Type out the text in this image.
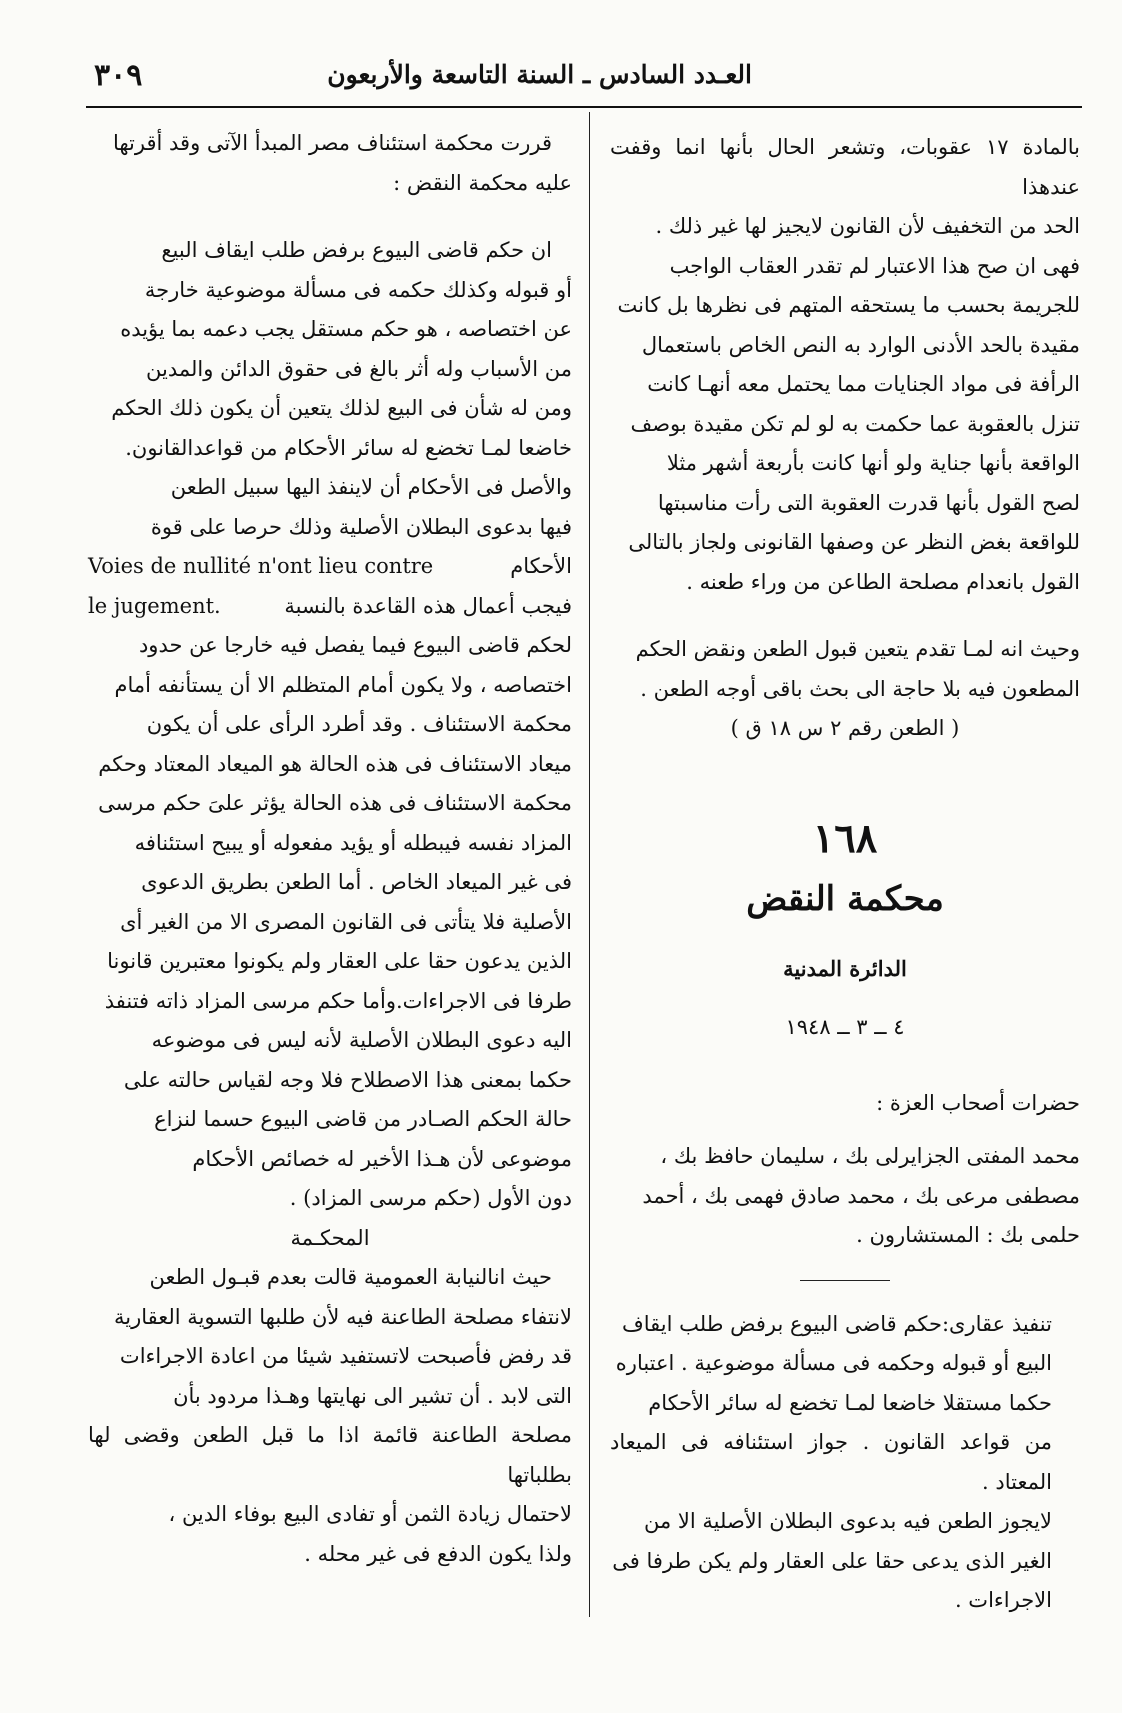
العـدد السادس ـ السنة التاسعة والأربعون
٣٠٩

بالمادة ١٧ عقوبات، وتشعر الحال بأنها انما وقفت عندهذا

الحد من التخفيف لأن القانون لايجيز لها غير ذلك .

فهى ان صح هذا الاعتبار لم تقدر العقاب الواجب

للجريمة بحسب ما يستحقه المتهم فى نظرها بل كانت

مقيدة بالحد الأدنى الوارد به النص الخاص باستعمال

الرأفة فى مواد الجنايات مما يحتمل معه أنهـا كانت

تنزل بالعقوبة عما حكمت به لو لم تكن مقيدة بوصف

الواقعة بأنها جناية ولو أنها كانت بأربعة أشهر مثلا

لصح القول بأنها قدرت العقوبة التى رأت مناسبتها

للواقعة بغض النظر عن وصفها القانونى ولجاز بالتالى

القول بانعدام مصلحة الطاعن من وراء طعنه .

وحيث انه لمـا تقدم يتعين قبول الطعن ونقض الحكم

المطعون فيه بلا حاجة الى بحث باقى أوجه الطعن .

( الطعن رقم ٢ س ١٨ ق )

١٦٨
محكمة النقض
الدائرة المدنية
٤ ــ ٣ ــ ١٩٤٨

حضرات أصحاب العزة :

محمد المفتى الجزايرلى بك ، سليمان حافظ بك ،

مصطفى مرعى بك ، محمد صادق فهمى بك ، أحمد

حلمى بك : المستشارون .

تنفيذ عقارى:حكم قاضى البيوع برفض طلب ايقاف

البيع أو قبوله وحكمه فى مسألة موضوعية . اعتباره

حكما مستقلا خاضعا لمـا تخضع له سائر الأحكام

من قواعد القانون . جواز استئنافه فى الميعاد المعتاد .

لايجوز الطعن فيه بدعوى البطلان الأصلية الا من

الغير الذى يدعى حقا على العقار ولم يكن طرفا فى

الاجراءات .

قررت محكمة استئناف مصر المبدأ الآتى وقد أقرتها

عليه محكمة النقض :

ان حكم قاضى البيوع برفض طلب ايقاف البيع

أو قبوله وكذلك حكمه فى مسألة موضوعية خارجة

عن اختصاصه ، هو حكم مستقل يجب دعمه بما يؤيده

من الأسباب وله أثر بالغ فى حقوق الدائن والمدين

ومن له شأن فى البيع لذلك يتعين أن يكون ذلك الحكم

خاضعا لمـا تخضع له سائر الأحكام من قواعدالقانون.

والأصل فى الأحكام أن لاينفذ اليها سبيل الطعن

فيها بدعوى البطلان الأصلية وذلك حرصا على قوة

الأحكام
Voies de nullité n'ont lieu contre

le jugement.	فيجب أعمال هذه القاعدة بالنسبة

لحكم قاضى البيوع فيما يفصل فيه خارجا عن حدود

اختصاصه ، ولا يكون أمام المتظلم الا أن يستأنفه أمام

محكمة الاستئناف . وقد أطرد الرأى على أن يكون

ميعاد الاستئناف فى هذه الحالة هو الميعاد المعتاد وحكم

محكمة الاستئناف فى هذه الحالة يؤثر علىَ حكم مرسى

المزاد نفسه فيبطله أو يؤيد مفعوله أو يبيح استئنافه

فى غير الميعاد الخاص . أما الطعن بطريق الدعوى

الأصلية فلا يتأتى فى القانون المصرى الا من الغير أى

الذين يدعون حقا على العقار ولم يكونوا معتبرين قانونا

طرفا فى الاجراءات.وأما حكم مرسى المزاد ذاته فتنفذ

اليه دعوى البطلان الأصلية لأنه ليس فى موضوعه

حكما بمعنى هذا الاصطلاح فلا وجه لقياس حالته على

حالة الحكم الصـادر من قاضى البيوع حسما لنزاع

موضوعى لأن هـذا الأخير له خصائص الأحكام

دون الأول (حكم مرسى المزاد) .

المحكـمة

حيث انالنيابة العمومية قالت بعدم قبـول الطعن

لانتفاء مصلحة الطاعنة فيه لأن طلبها التسوية العقارية

قد رفض فأصبحت لاتستفيد شيئا من اعادة الاجراءات

التى لابد . أن تشير الى نهايتها وهـذا مردود بأن

مصلحة الطاعنة قائمة اذا ما قبل الطعن وقضى لها بطلباتها

لاحتمال زيادة الثمن أو تفادى البيع بوفاء الدين ،

ولذا يكون الدفع فى غير محله .
